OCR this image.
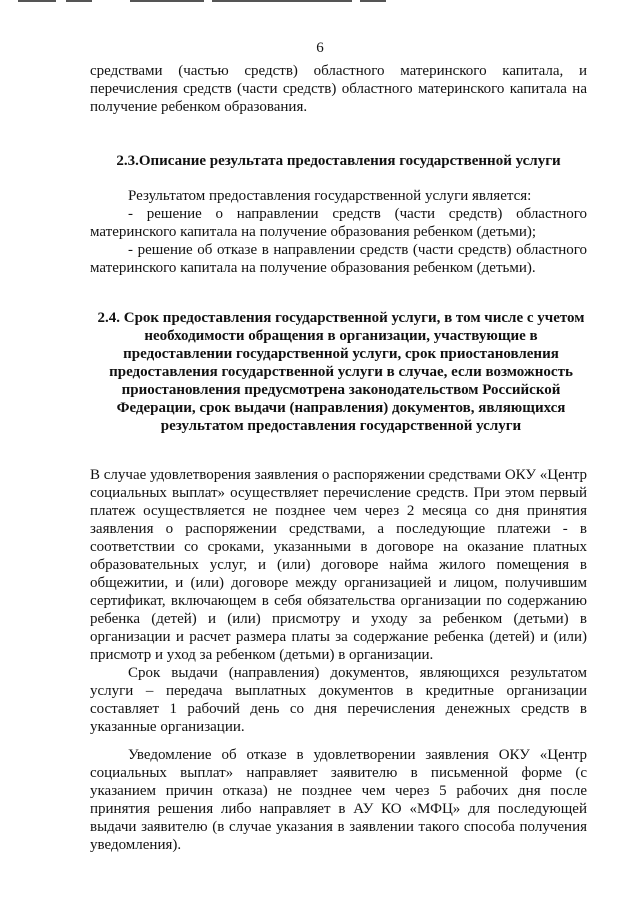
6
средствами (частью средств) областного материнского капитала, и перечисления средств (части средств) областного материнского капитала на получение ребенком образования.
2.3.Описание результата предоставления государственной услуги

Результатом предоставления государственной услуги является:

- решение о направлении средств (части средств) областного материнского капитала на получение образования ребенком (детьми);

- решение об отказе в направлении средств (части средств) областного материнского капитала на получение образования ребенком (детьми).

2.4. Срок предоставления государственной услуги, в том числе с учетом необходимости обращения в организации, участвующие в предоставлении государственной услуги, срок приостановления предоставления государственной услуги в случае, если возможность приостановления предусмотрена законодательством Российской Федерации, срок выдачи (направления) документов, являющихся результатом предоставления государственной услуги

В случае удовлетворения заявления о распоряжении средствами ОКУ «Центр социальных выплат» осуществляет перечисление средств. При этом первый платеж осуществляется не позднее чем через 2 месяца со дня принятия заявления о распоряжении средствами, а последующие платежи - в соответствии со сроками, указанными в договоре на оказание платных образовательных услуг, и (или) договоре найма жилого помещения в общежитии, и (или) договоре между организацией и лицом, получившим сертификат, включающем в себя обязательства организации по содержанию ребенка (детей) и (или) присмотру и уходу за ребенком (детьми) в организации и расчет размера платы за содержание ребенка (детей) и (или) присмотр и уход за ребенком (детьми) в организации.

Срок выдачи (направления) документов, являющихся результатом услуги – передача выплатных документов в кредитные организации составляет 1 рабочий день со дня перечисления денежных средств в указанные организации.

Уведомление об отказе в удовлетворении заявления ОКУ «Центр социальных выплат» направляет заявителю в письменной форме (с указанием причин отказа) не позднее чем через 5 рабочих дня после принятия решения либо направляет в АУ КО «МФЦ» для последующей выдачи заявителю (в случае указания в заявлении такого способа получения уведомления).
